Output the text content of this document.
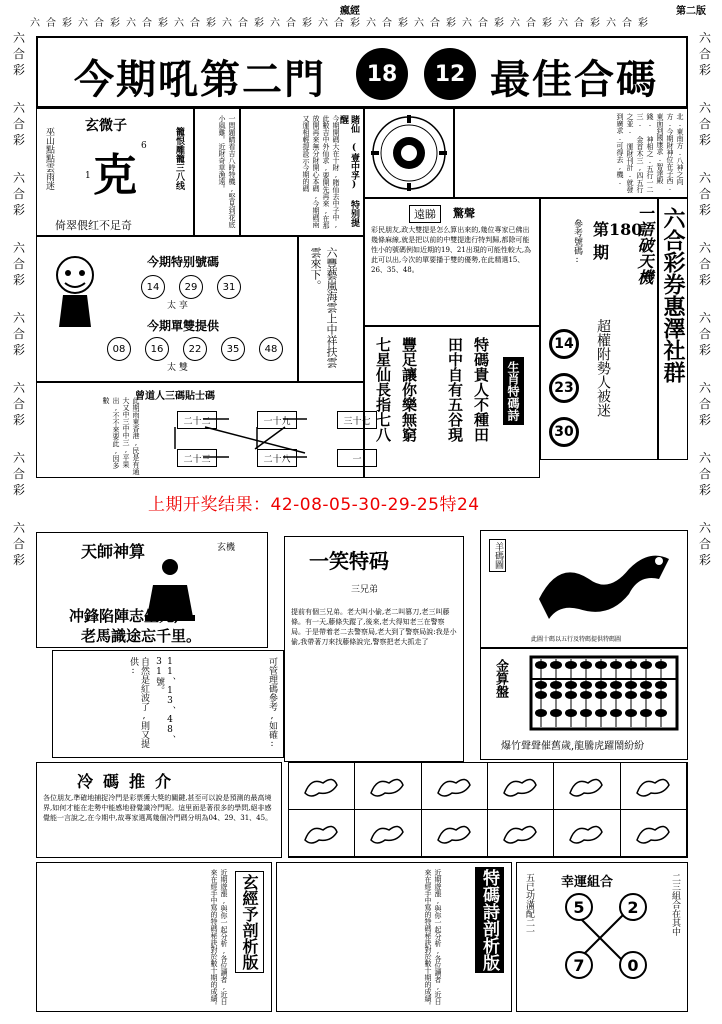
瘋經	第二版
六 合 彩 六 合 彩 六 合 彩 六 合 彩 六 合 彩 六 合 彩 六 合 彩 六 合 彩 六 合 彩 六 合 彩 六 合 彩 六 合 彩 六 合 彩
六
合
彩
六
合
彩
六
合
彩
六
合
彩
六
合
彩
六
合
彩
六
合
彩
六
合
彩
六
合
彩
六
合
彩
六
合
彩
六
合
彩
六
合
彩
六
合
彩
六
合
彩
六
合
彩
今期吼第二門	18	12 最佳合碼
玄微子
巫山點點雲雨迷 克
6
1	籠恨雕籠三八线
倚翠偎红不足奇	一問題睛看吉八時特機,堅見到花底小風雞。近財奇草漁遠。	賭仙 (壹中孚) 特别提醒
今期開碼大在十財,賭仙去中子中,此數吉中外仙求,要開先再來,在那放開再來無分財開心本碼,今期碼兩又運相輕提設示今期的碼	北.東南方.八神之向方.今期財神位在子西. 東面到國康求.智達殿錢. 神相之.五行一二三. 金首木三,四五行之並. 運財刊計.就發到廣求.可得去,機.
今期特别號碼
14	29	31
太 享
今期單雙提供
08	16	22	35	48
太 雙	六豐藝嵐海雲上中祥扶雲雲來下。
遠睇	驚聲
彩民朋友,政大雙提是怎么算出來的,幾位專家已佛出幾條麻線,就是把以前的中雙提進行特判歸,都除可能性小的號碼例如近期的19、21出現的可能性較大,為此可以出,今次的單要播于雙的優勢,在此精選15、26、35、48。	一語破天機
第180期
參考號碼:
超權附勢人被迷
14
23
30
六合彩券惠澤社群
七星仙長指七八 豐足讓你樂無窮 田中自有五谷現 特碼貴人不種田 生肖特碼詩
曾道人三碼貼士碼
此期雨東香港,民是有通大又中三中中三,平果出,不不來要此,因多數
二十二	一十九	三十七
二十三	二十八	一
上期开奖结果：42-08-05-30-29-25特24
天師神算	玄機
冲鋒陷陣志生死,
老馬識途忘千里。
一笑特码
三兄弟
提前有個三兄弟。老大叫小偷,老二叫篡刀,老三叫藤條。有一天,藤條失蹤了,後來,老大得知老三在警察局。于是帶着老二去警察局,老大到了警察局說:我是小偷,我帶著刀來找藤條說完,警察把老大抓走了
羊碼圖
此圖十碼以五行及特碼提供特碼圖
自然是紅波了,則又提供:	11、13、48、31號。	可管理碼參考,如確:	金算盤
爆竹聲聲催舊歲,龍騰虎躍鬧紛紛
冷碼推介
各位朋友,準確地捕捉冷門是彩票獲大獎的關鍵,甚至可以說是預測的最高境界,如何才能在走勢中能感地發覺識冷門呢。這里面是著很多的學問,絕非感覺能一言說之,在今期中,故專家選萬幾個冷門碼分明為04、29、31、45。
近期遊漲,與你一起分析,各位讀者,近日來在經手中寫的特碼秘訣對於數十期的成績。	玄經予剖析版	近期遊漲,與你一起分析,各位讀者,近日來在經手中寫的特碼秘訣對於數十期的成績。	特碼詩剖析版	五已功滿配二一 幸運組合
5	2
7	0
二三組合在其中
